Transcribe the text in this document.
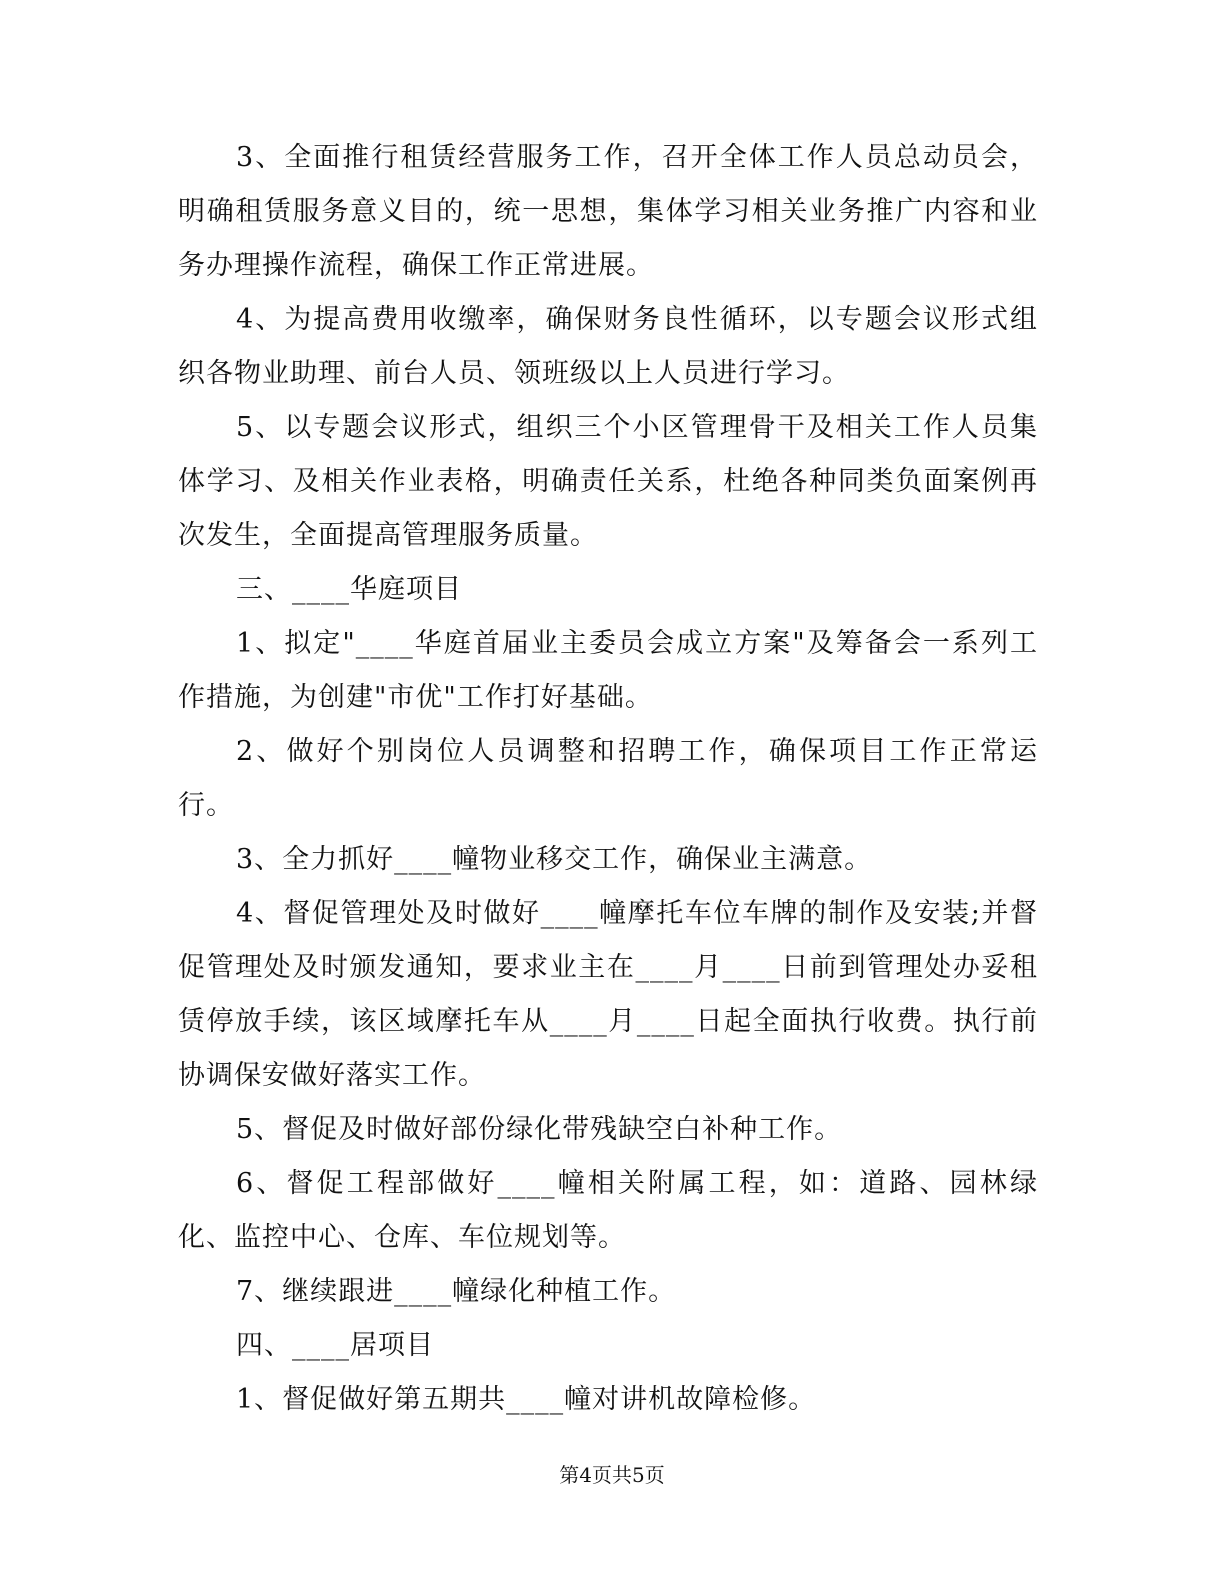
3、全面推行租赁经营服务工作，召开全体工作人员总动员会，明确租赁服务意义目的，统一思想，集体学习相关业务推广内容和业务办理操作流程，确保工作正常进展。

4、为提高费用收缴率，确保财务良性循环，以专题会议形式组织各物业助理、前台人员、领班级以上人员进行学习。

5、以专题会议形式，组织三个小区管理骨干及相关工作人员集体学习、及相关作业表格，明确责任关系，杜绝各种同类负面案例再次发生，全面提高管理服务质量。

三、____华庭项目

1、拟定"____华庭首届业主委员会成立方案"及筹备会一系列工作措施，为创建"市优"工作打好基础。

2、做好个别岗位人员调整和招聘工作，确保项目工作正常运行。

3、全力抓好____幢物业移交工作，确保业主满意。

4、督促管理处及时做好____幢摩托车位车牌的制作及安装;并督促管理处及时颁发通知，要求业主在____月____日前到管理处办妥租赁停放手续，该区域摩托车从____月____日起全面执行收费。执行前协调保安做好落实工作。

5、督促及时做好部份绿化带残缺空白补种工作。

6、督促工程部做好____幢相关附属工程，如：道路、园林绿化、监控中心、仓库、车位规划等。

7、继续跟进____幢绿化种植工作。

四、____居项目

1、督促做好第五期共____幢对讲机故障检修。

第4页共5页
